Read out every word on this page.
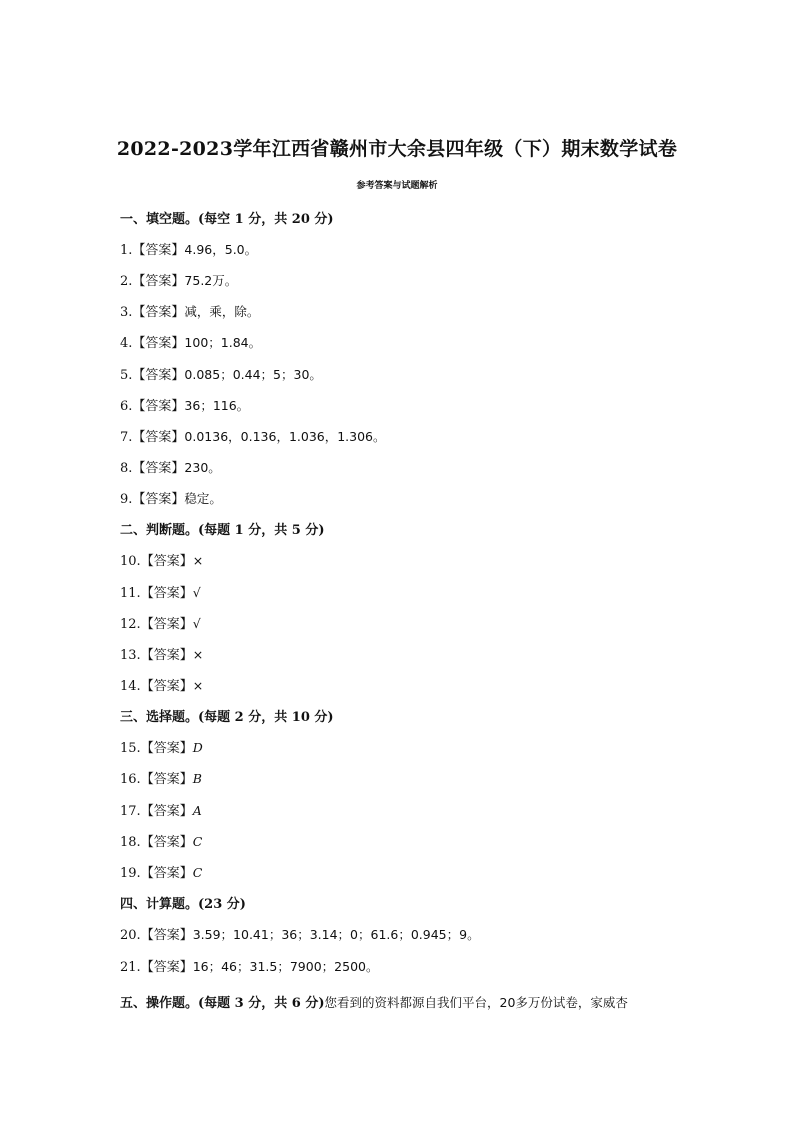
2022-2023学年江西省赣州市大余县四年级（下）期末数学试卷
参考答案与试题解析
一、填空题。(每空 1 分，共 20 分)
1.【答案】4.96，5.0。
2.【答案】75.2万。
3.【答案】减，乘，除。
4.【答案】100；1.84。
5.【答案】0.085；0.44；5；30。
6.【答案】36；116。
7.【答案】0.0136，0.136，1.036，1.306。
8.【答案】230。
9.【答案】稳定。
二、判断题。(每题 1 分，共 5 分)
10.【答案】×
11.【答案】√
12.【答案】√
13.【答案】×
14.【答案】×
三、选择题。(每题 2 分，共 10 分)
15.【答案】D
16.【答案】B
17.【答案】A
18.【答案】C
19.【答案】C
四、计算题。(23 分)
20.【答案】3.59；10.41；36；3.14；0；61.6；0.945；9。
21.【答案】16；46；31.5；7900；2500。
五、操作题。(每题 3 分，共 6 分)您看到的资料都源自我们平台，20多万份试卷，家威杏
